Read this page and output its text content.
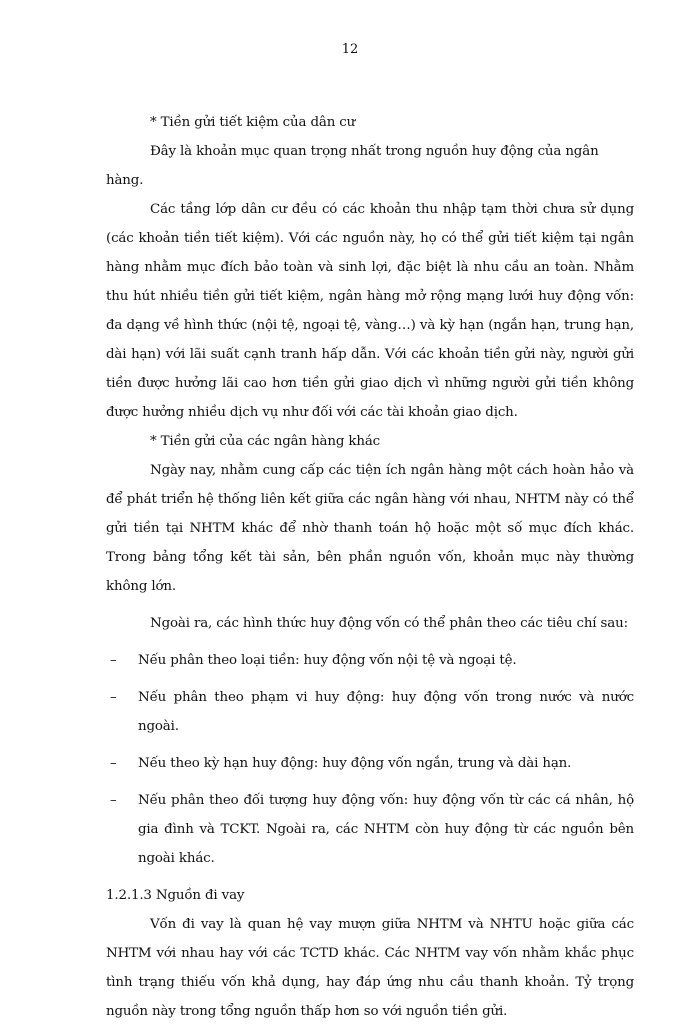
12

* Tiền gửi tiết kiệm của dân cư

Đây là khoản mục quan trọng nhất trong nguồn huy động của ngân hàng.

Các tầng lớp dân cư đều có các khoản thu nhập tạm thời chưa sử dụng (các khoản tiền tiết kiệm). Với các nguồn này, họ có thể gửi tiết kiệm tại ngân hàng nhằm mục đích bảo toàn và sinh lợi, đặc biệt là nhu cầu an toàn. Nhằm thu hút nhiều tiền gửi tiết kiệm, ngân hàng mở rộng mạng lưới huy động vốn: đa dạng về hình thức (nội tệ, ngoại tệ, vàng…) và kỳ hạn (ngắn hạn, trung hạn, dài hạn) với lãi suất cạnh tranh hấp dẫn. Với các khoản tiền gửi này, người gửi tiền được hưởng lãi cao hơn tiền gửi giao dịch vì những người gửi tiền không được hưởng nhiều dịch vụ như đối với các tài khoản giao dịch.

* Tiền gửi của các ngân hàng khác

Ngày nay, nhằm cung cấp các tiện ích ngân hàng một cách hoàn hảo và để phát triển hệ thống liên kết giữa các ngân hàng với nhau, NHTM này có thể gửi tiền tại NHTM khác để nhờ thanh toán hộ hoặc một số mục đích khác. Trong bảng tổng kết tài sản, bên phần nguồn vốn, khoản mục này thường không lớn.

Ngoài ra, các hình thức huy động vốn có thể phân theo các tiêu chí sau:

– Nếu phân theo loại tiền: huy động vốn nội tệ và ngoại tệ.
– Nếu phân theo phạm vi huy động: huy động vốn trong nước và nước ngoài.
– Nếu theo kỳ hạn huy động: huy động vốn ngắn, trung và dài hạn.
– Nếu phân theo đối tượng huy động vốn: huy động vốn từ các cá nhân, hộ gia đình và TCKT. Ngoài ra, các NHTM còn huy động từ các nguồn bên ngoài khác.

1.2.1.3 Nguồn đi vay

Vốn đi vay là quan hệ vay mượn giữa NHTM và NHTU hoặc giữa các NHTM với nhau hay với các TCTD khác. Các NHTM vay vốn nhằm khắc phục tình trạng thiếu vốn khả dụng, hay đáp ứng nhu cầu thanh khoản. Tỷ trọng nguồn này trong tổng nguồn thấp hơn so với nguồn tiền gửi.
